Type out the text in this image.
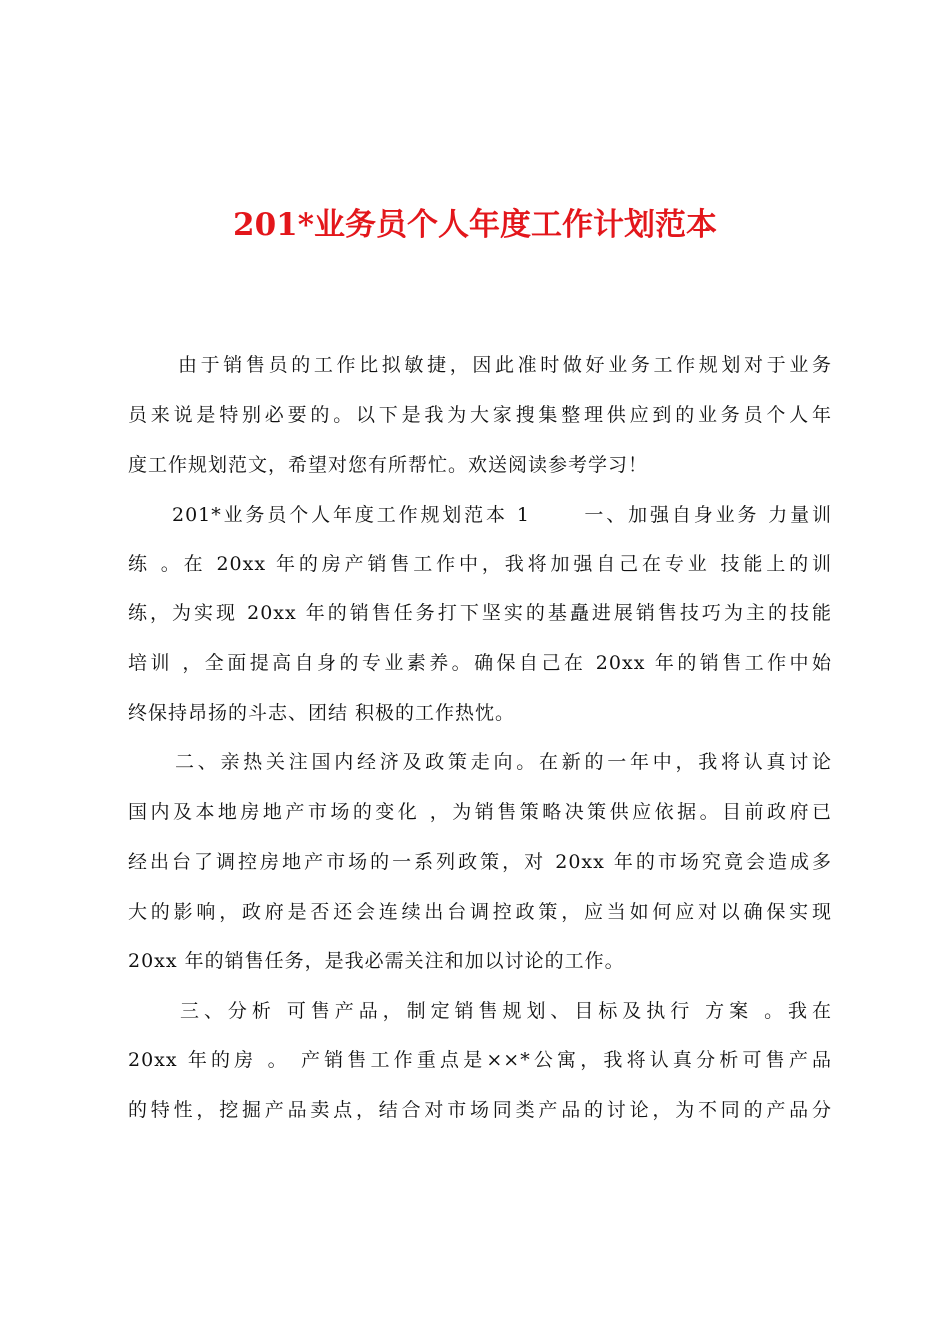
201*业务员个人年度工作计划范本
由于销售员的工作比拟敏捷，因此准时做好业务工作规划对于业务
员来说是特别必要的。以下是我为大家搜集整理供应到的业务员个人年
度工作规划范文，希望对您有所帮忙。欢送阅读参考学习！
201*业务员个人年度工作规划范本 1　　 一、加强自身业务 力量训
练 。在 20xx 年的房产销售工作中，我将加强自己在专业 技能上的训
练，为实现 20xx 年的销售任务打下坚实的基矗进展销售技巧为主的技能
培训 ，全面提高自身的专业素养。确保自己在 20xx 年的销售工作中始
终保持昂扬的斗志、团结 积极的工作热忱。
二、亲热关注国内经济及政策走向。在新的一年中，我将认真讨论
国内及本地房地产市场的变化 ，为销售策略决策供应依据。目前政府已
经出台了调控房地产市场的一系列政策，对 20xx 年的市场究竟会造成多
大的影响，政府是否还会连续出台调控政策，应当如何应对以确保实现
20xx 年的销售任务，是我必需关注和加以讨论的工作。
三、分析 可售产品，制定销售规划、目标及执行 方案 。我在
20xx 年的房 。 产销售工作重点是××*公寓，我将认真分析可售产品
的特性，挖掘产品卖点，结合对市场同类产品的讨论，为不同的产品分
